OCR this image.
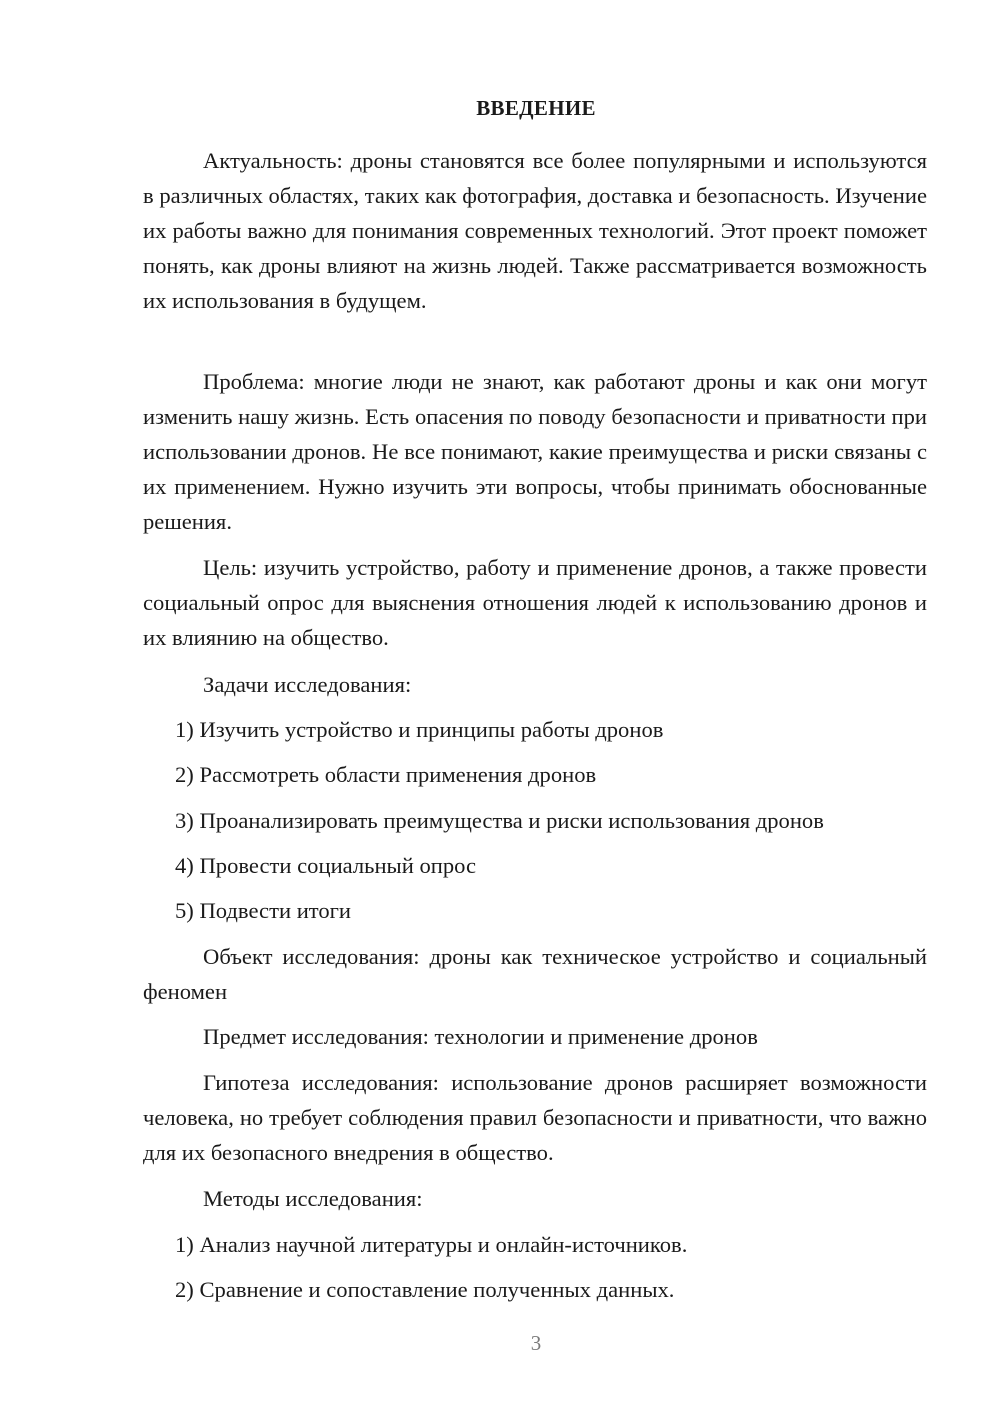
ВВЕДЕНИЕ

Актуальность: дроны становятся все более популярными и используются в различных областях, таких как фотография, доставка и безопасность. Изучение их работы важно для понимания современных технологий. Этот проект поможет понять, как дроны влияют на жизнь людей. Также рассматривается возможность их использования в будущем.

Проблема: многие люди не знают, как работают дроны и как они могут изменить нашу жизнь. Есть опасения по поводу безопасности и приватности при использовании дронов. Не все понимают, какие преимущества и риски связаны с их применением. Нужно изучить эти вопросы, чтобы принимать обоснованные решения.

Цель: изучить устройство, работу и применение дронов, а также провести социальный опрос для выяснения отношения людей к использованию дронов и их влиянию на общество.

Задачи исследования:

1) Изучить устройство и принципы работы дронов

2) Рассмотреть области применения дронов

3) Проанализировать преимущества и риски использования дронов

4) Провести социальный опрос

5) Подвести итоги

Объект исследования: дроны как техническое устройство и социальный феномен

Предмет исследования: технологии и применение дронов

Гипотеза исследования: использование дронов расширяет возможности человека, но требует соблюдения правил безопасности и приватности, что важно для их безопасного внедрения в общество.

Методы исследования:

1) Анализ научной литературы и онлайн-источников.

2) Сравнение и сопоставление полученных данных.

3
